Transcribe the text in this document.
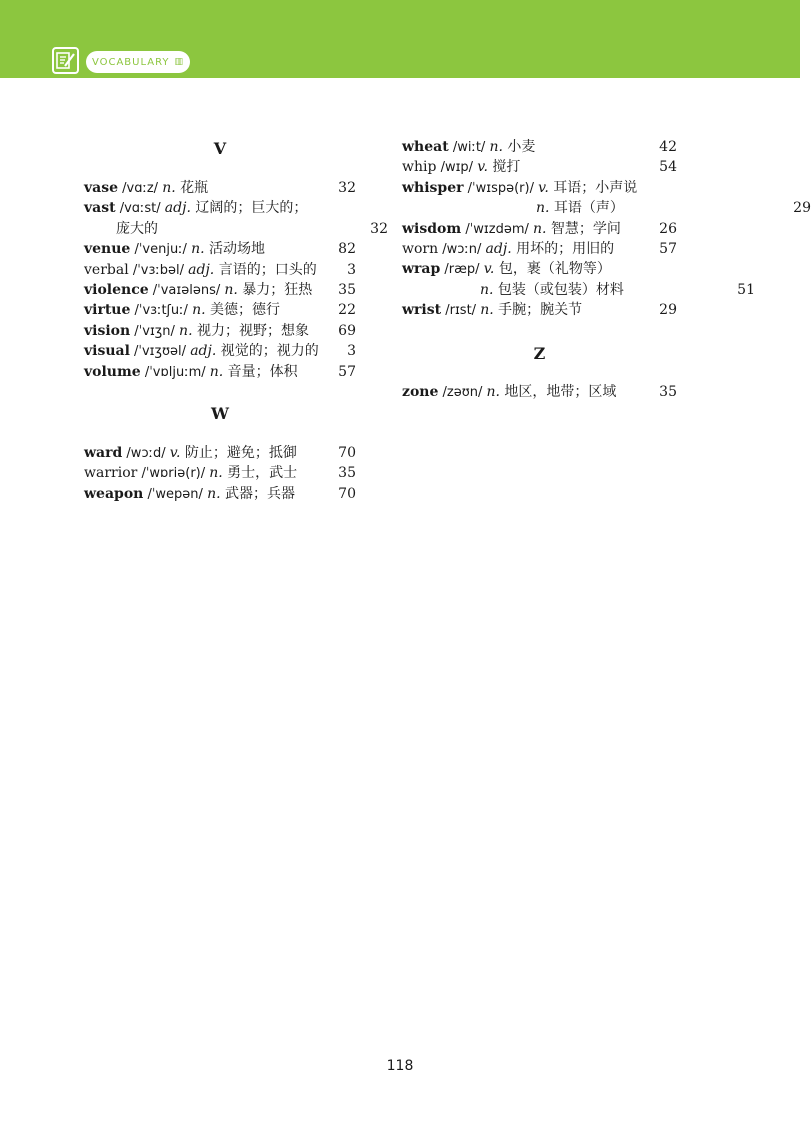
VOCABULARY ▥
V
vase /vɑːz/ n. 花瓶	32
vast /vɑːst/ adj. 辽阔的；巨大的；
庞大的	32
venue /ˈvenjuː/ n. 活动场地	82
verbal /ˈvɜːbəl/ adj. 言语的；口头的 3
violence /ˈvaɪələns/ n. 暴力；狂热 35
virtue /ˈvɜːtʃuː/ n. 美德；德行	22
vision /ˈvɪʒn/ n. 视力；视野；想象 69
visual /ˈvɪʒʊəl/ adj. 视觉的；视力的 3
volume /ˈvɒljuːm/ n. 音量；体积	57
W
ward /wɔːd/ v. 防止；避免；抵御	70
warrior /ˈwɒriə(r)/ n. 勇士，武士	35
weapon /ˈwepən/ n. 武器；兵器	70
wheat /wiːt/ n. 小麦	42
whip /wɪp/ v. 搅打	54
whisper /ˈwɪspə(r)/ v. 耳语；小声说
n. 耳语（声）	29
wisdom /ˈwɪzdəm/ n. 智慧；学问	26
worn /wɔːn/ adj. 用坏的；用旧的	57
wrap /ræp/ v. 包，裹（礼物等）
n. 包装（或包装）材料	51
wrist /rɪst/ n. 手腕；腕关节	29
Z
zone /zəʊn/ n. 地区，地带；区域	35
118
